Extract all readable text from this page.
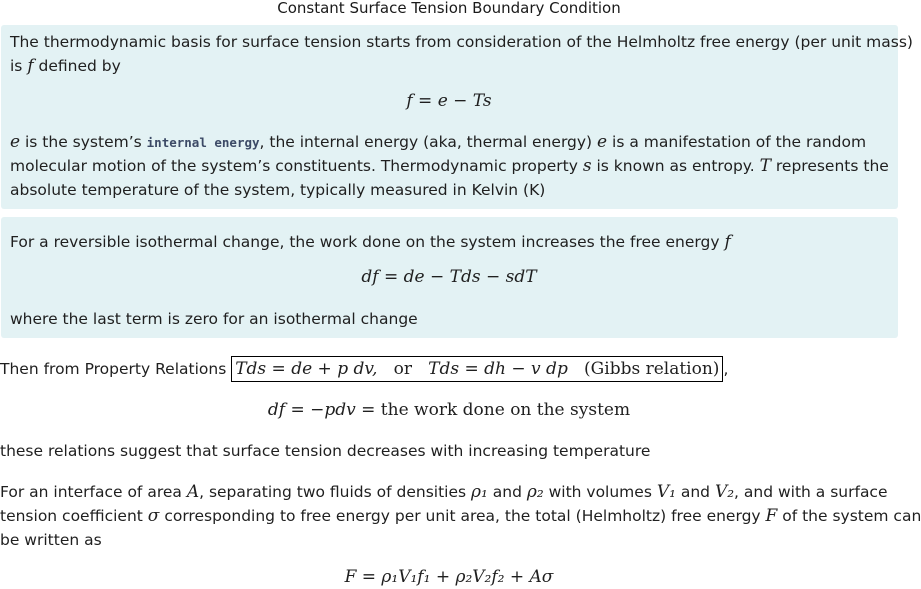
Constant Surface Tension Boundary Condition
The thermodynamic basis for surface tension starts from consideration of the Helmholtz free energy (per unit mass)
is f defined by
f = e − Ts
e is the system’s internal energy, the internal energy (aka, thermal energy) e is a manifestation of the random
molecular motion of the system’s constituents. Thermodynamic property s is known as entropy. T represents the
absolute temperature of the system, typically measured in Kelvin (K)
For a reversible isothermal change, the work done on the system increases the free energy f
df = de − Tds − sdT
where the last term is zero for an isothermal change
Then from Property Relations Tds = de + p dv, or Tds = dh − v dp (Gibbs relation) ,
df = −pdv = the work done on the system
these relations suggest that surface tension decreases with increasing temperature
For an interface of area A, separating two fluids of densities ρ₁ and ρ₂ with volumes V₁ and V₂, and with a surface
tension coefficient σ corresponding to free energy per unit area, the total (Helmholtz) free energy F of the system can
be written as
F = ρ₁V₁f₁ + ρ₂V₂f₂ + Aσ
